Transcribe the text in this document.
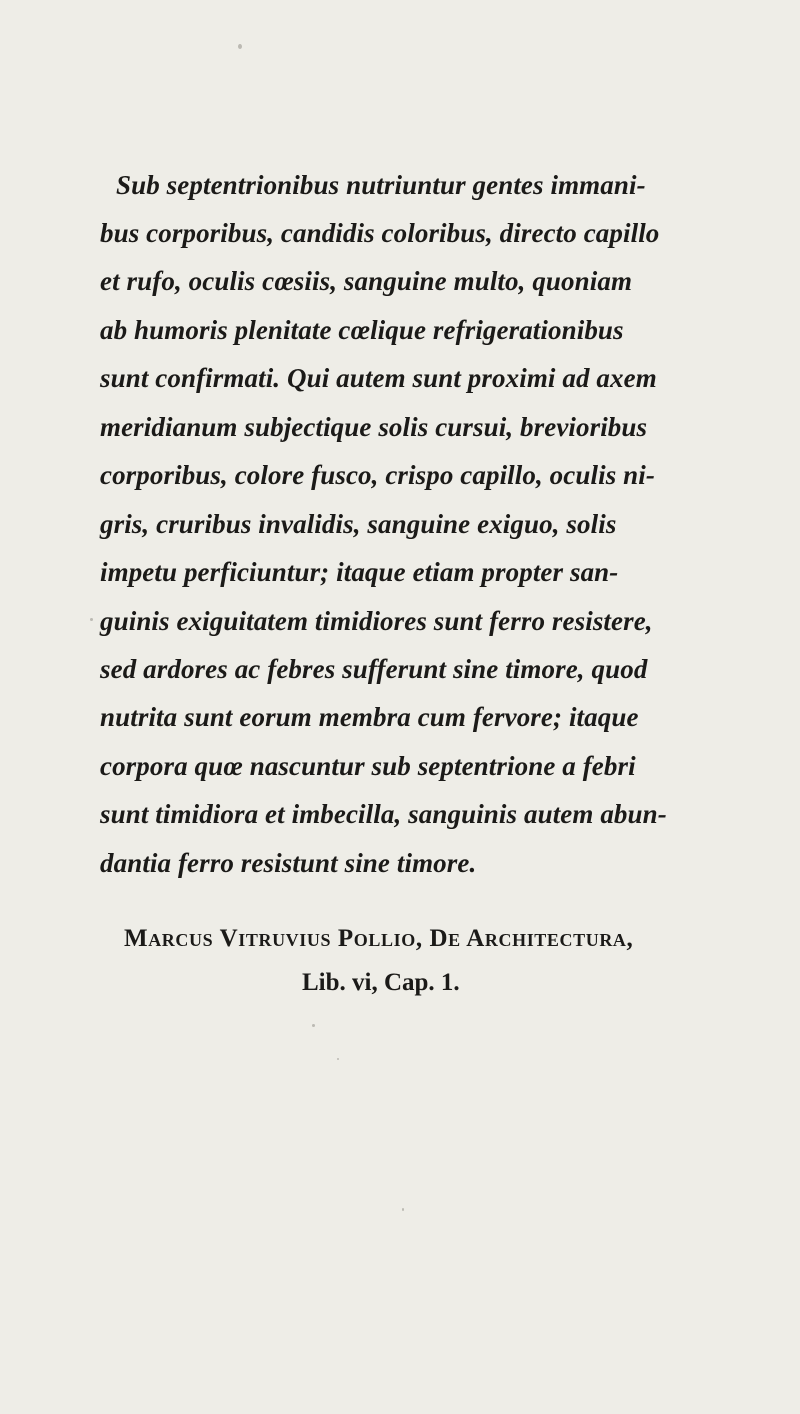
Sub septentrionibus nutriuntur gentes immani-
bus corporibus, candidis coloribus, directo capillo
et rufo, oculis cœsiis, sanguine multo, quoniam
ab humoris plenitate cœlique refrigerationibus
sunt confirmati. Qui autem sunt proximi ad axem
meridianum subjectique solis cursui, brevioribus
corporibus, colore fusco, crispo capillo, oculis ni-
gris, cruribus invalidis, sanguine exiguo, solis
impetu perficiuntur; itaque etiam propter san-
guinis exiguitatem timidiores sunt ferro resistere,
sed ardores ac febres sufferunt sine timore, quod
nutrita sunt eorum membra cum fervore; itaque
corpora quœ nascuntur sub septentrione a febri
sunt timidiora et imbecilla, sanguinis autem abun-
dantia ferro resistunt sine timore.
Marcus Vitruvius Pollio, De Architectura,
Lib. vi, Cap. 1.
